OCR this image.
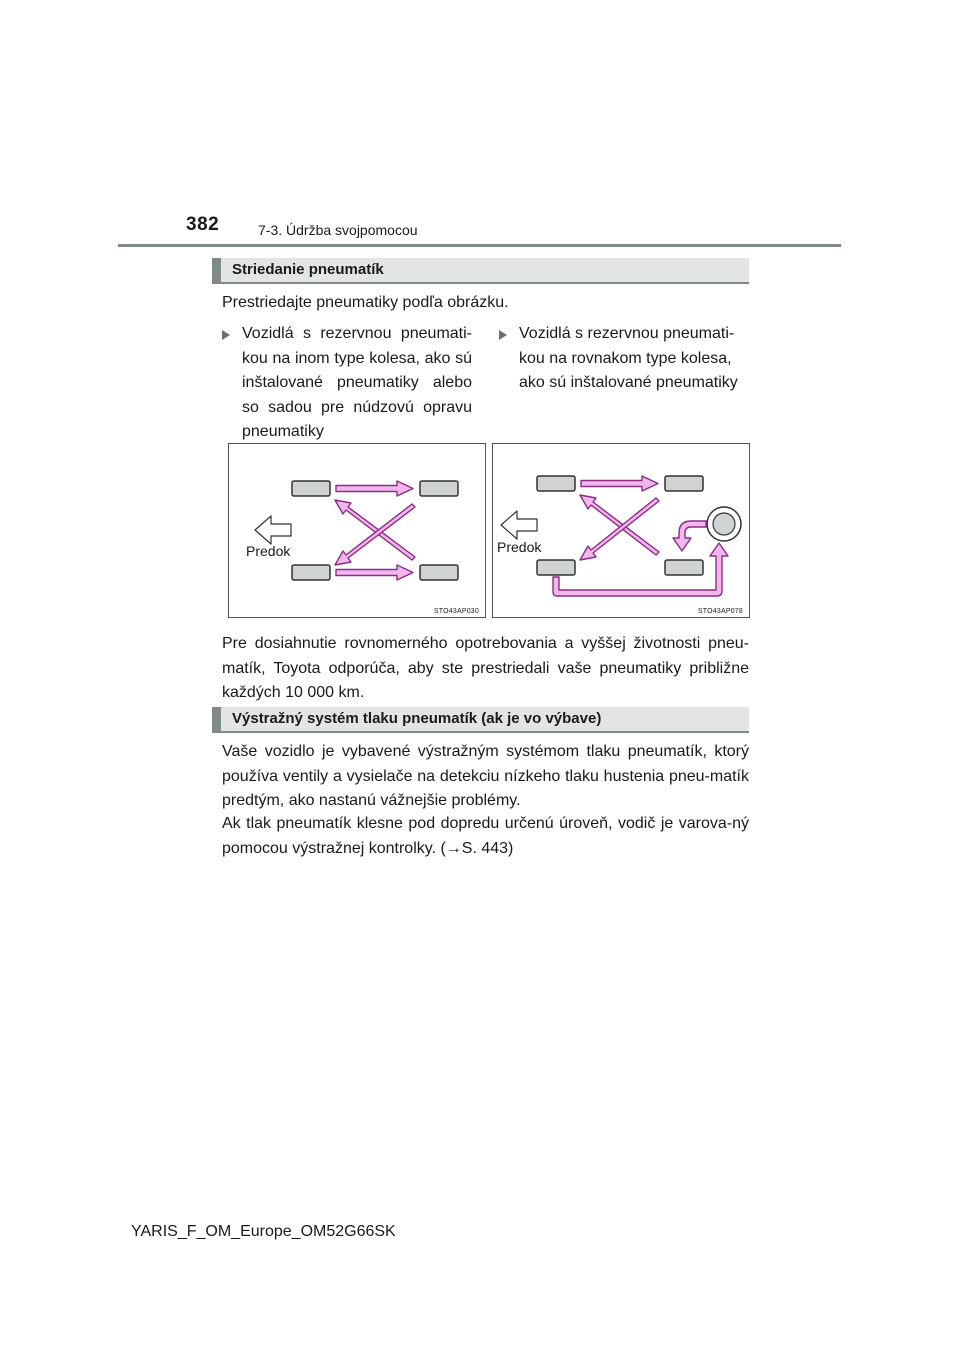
382	7-3. Údržba svojpomocou
Striedanie pneumatík
Prestriedajte pneumatiky podľa obrázku.
Vozidlá s rezervnou pneumati-kou na inom type kolesa, ako sú inštalované pneumatiky alebo so sadou pre núdzovú opravu pneumatiky
Vozidlá s rezervnou pneumati-kou na rovnakom type kolesa, ako sú inštalované pneumatiky
Predok
STO43AP030
Predok
STO43AP078
Pre dosiahnutie rovnomerného opotrebovania a vyššej životnosti pneu-matík, Toyota odporúča, aby ste prestriedali vaše pneumatiky približne každých 10 000 km.
Výstražný systém tlaku pneumatík (ak je vo výbave)
Vaše vozidlo je vybavené výstražným systémom tlaku pneumatík, ktorý používa ventily a vysielače na detekciu nízkeho tlaku hustenia pneu-matík predtým, ako nastanú vážnejšie problémy.
Ak tlak pneumatík klesne pod dopredu určenú úroveň, vodič je varova-ný pomocou výstražnej kontrolky. (→S. 443)
YARIS_F_OM_Europe_OM52G66SK
